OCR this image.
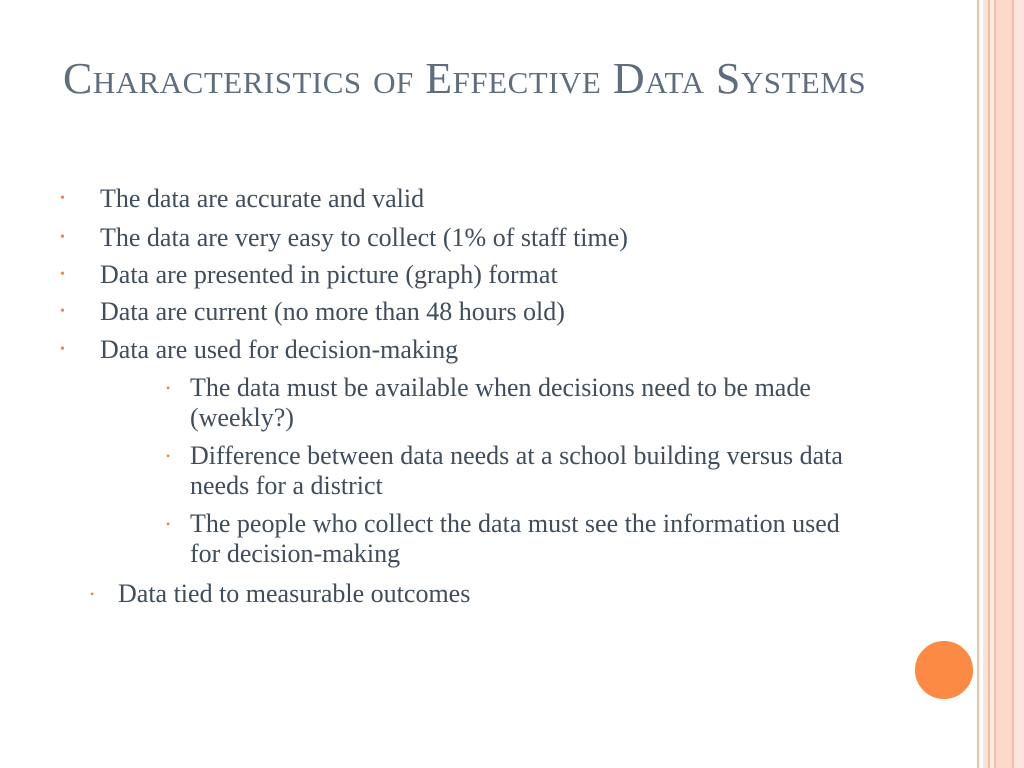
Characteristics of Effective Data Systems
•	The data are accurate and valid
•	The data are very easy to collect (1% of staff time)
•	Data are presented in picture (graph) format
•	Data are current (no more than 48 hours old)
•	Data are used for decision-making
• The data must be available when decisions need to be made (weekly?)
• Difference between data needs at a school building versus data needs for a district
• The people who collect the data must see the information used for decision-making
• Data tied to measurable outcomes
